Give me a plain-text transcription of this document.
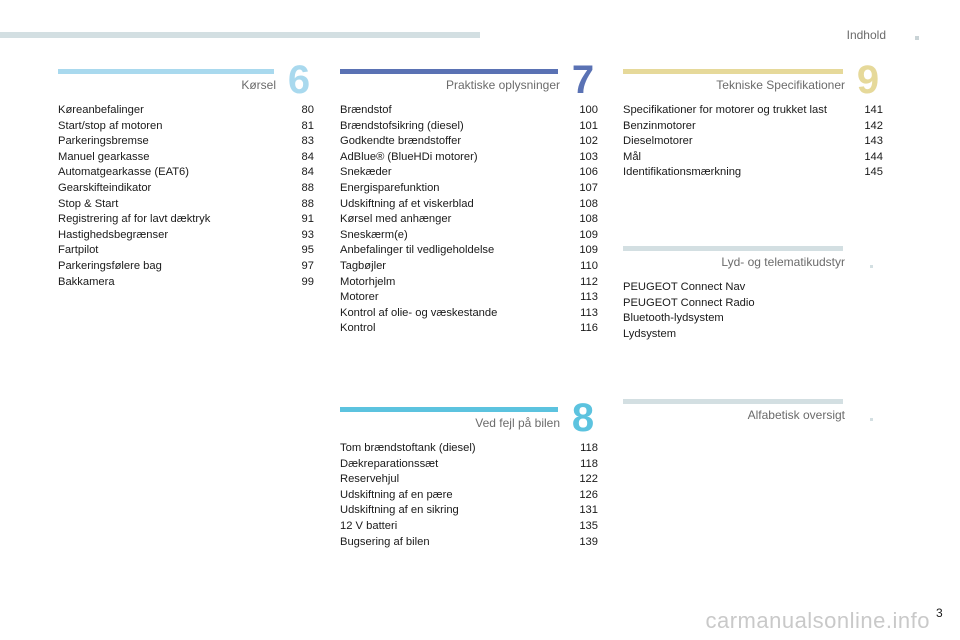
Indhold
Kørsel 6
Køreanbefalinger	80
Start/stop af motoren	81
Parkeringsbremse	83
Manuel gearkasse	84
Automatgearkasse (EAT6)	84
Gearskifteindikator	88
Stop & Start	88
Registrering af for lavt dæktryk	91
Hastighedsbegrænser	93
Fartpilot	95
Parkeringsfølere bag	97
Bakkamera	99
Praktiske oplysninger 7
Brændstof	100
Brændstofsikring (diesel)	101
Godkendte brændstoffer	102
AdBlue® (BlueHDi motorer)	103
Snekæder	106
Energisparefunktion	107
Udskiftning af et viskerblad	108
Kørsel med anhænger	108
Sneskærm(e)	109
Anbefalinger til vedligeholdelse	109
Tagbøjler	110
Motorhjelm	112
Motorer	113
Kontrol af olie- og væskestande	113
Kontrol	116
Ved fejl på bilen 8
Tom brændstoftank (diesel)	118
Dækreparationssæt	118
Reservehjul	122
Udskiftning af en pære	126
Udskiftning af en sikring	131
12 V batteri	135
Bugsering af bilen	139
Tekniske Specifikationer 9
Specifikationer for motorer og trukket last	141
Benzinmotorer	142
Dieselmotorer	143
Mål	144
Identifikationsmærkning	145
Lyd- og telematikudstyr
PEUGEOT Connect Nav
PEUGEOT Connect Radio
Bluetooth-lydsystem
Lydsystem
Alfabetisk oversigt
carmanualsonline.info 3
